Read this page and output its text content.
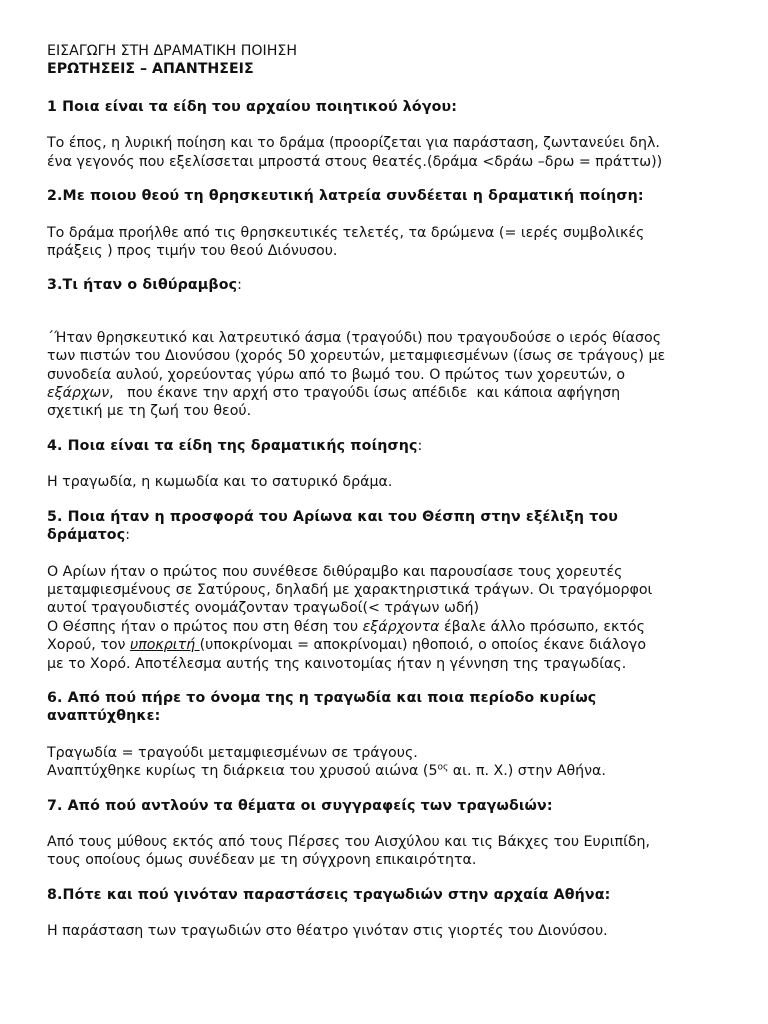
ΕΙΣΑΓΩΓΗ ΣΤΗ ΔΡΑΜΑΤΙΚΗ ΠΟΙΗΣΗ
ΕΡΩΤΗΣΕΙΣ – ΑΠΑΝΤΗΣΕΙΣ

1 Ποια είναι τα είδη του αρχαίου ποιητικού λόγου:

Το έπος, η λυρική ποίηση και το δράμα (προορίζεται για παράσταση, ζωντανεύει δηλ.
ένα γεγονός που εξελίσσεται μπροστά στους θεατές.(δράμα <δράω –δρω = πράττω))

2.Με ποιου θεού τη θρησκευτική λατρεία συνδέεται η δραματική ποίηση:

Το δράμα προήλθε από τις θρησκευτικές τελετές, τα δρώμενα (= ιερές συμβολικές
πράξεις ) προς τιμήν του θεού Διόνυσου.

3.Τι ήταν ο διθύραμβος:

΄Ήταν θρησκευτικό και λατρευτικό άσμα (τραγούδι) που τραγουδούσε ο ιερός θίασος
των πιστών του Διονύσου (χορός 50 χορευτών, μεταμφιεσμένων (ίσως σε τράγους) με
συνοδεία αυλού, χορεύοντας γύρω από το βωμό του. Ο πρώτος των χορευτών, ο
εξάρχων,   που έκανε την αρχή στο τραγούδι ίσως απέδιδε  και κάποια αφήγηση
σχετική με τη ζωή του θεού.

4. Ποια είναι τα είδη της δραματικής ποίησης:

Η τραγωδία, η κωμωδία και το σατυρικό δράμα.

5. Ποια ήταν η προσφορά του Αρίωνα και του Θέσπη στην εξέλιξη του
δράματος:

Ο Αρίων ήταν ο πρώτος που συνέθεσε διθύραμβο και παρουσίασε τους χορευτές
μεταμφιεσμένους σε Σατύρους, δηλαδή με χαρακτηριστικά τράγων. Οι τραγόμορφοι
αυτοί τραγουδιστές ονομάζονταν τραγωδοί(< τράγων ωδή)
Ο Θέσπης ήταν ο πρώτος που στη θέση του εξάρχοντα έβαλε άλλο πρόσωπο, εκτός
Χορού, τον υποκριτή (υποκρίνομαι = αποκρίνομαι) ηθοποιό, ο οποίος έκανε διάλογο
με το Χορό. Αποτέλεσμα αυτής της καινοτομίας ήταν η γέννηση της τραγωδίας.

6. Από πού πήρε το όνομα της η τραγωδία και ποια περίοδο κυρίως
αναπτύχθηκε:

Τραγωδία = τραγούδι μεταμφιεσμένων σε τράγους.
Αναπτύχθηκε κυρίως τη διάρκεια του χρυσού αιώνα ($5^{o\varsigma}$ αι. π. Χ.) στην Αθήνα.

7. Από πού αντλούν τα θέματα οι συγγραφείς των τραγωδιών:

Από τους μύθους εκτός από τους Πέρσες του Αισχύλου και τις Βάκχες του Ευριπίδη,
τους οποίους όμως συνέδεαν με τη σύγχρονη επικαιρότητα.

8.Πότε και πού γινόταν παραστάσεις τραγωδιών στην αρχαία Αθήνα:

Η παράσταση των τραγωδιών στο θέατρο γινόταν στις γιορτές του Διονύσου.
